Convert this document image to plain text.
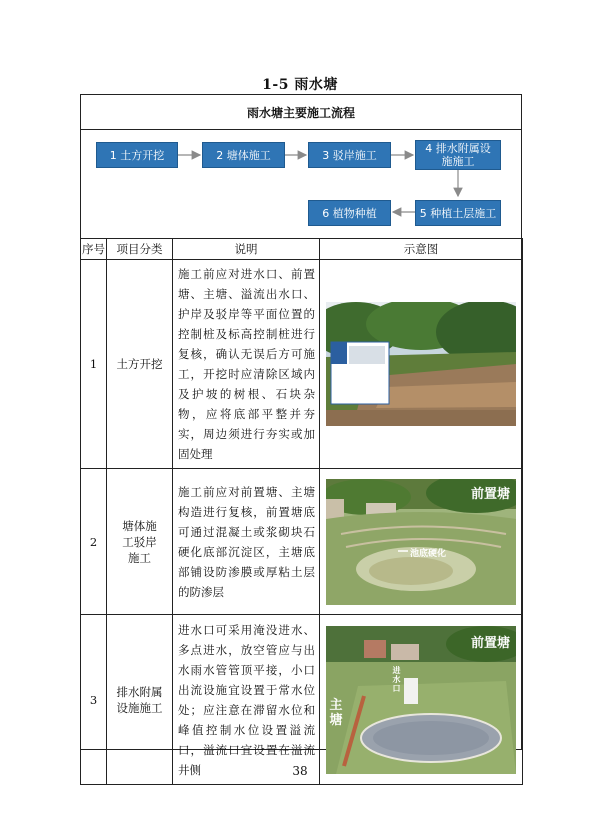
1-5 雨水塘
雨水塘主要施工流程
1 土方开挖	2 塘体施工	3 驳岸施工	4 排水附属设施施工
5 种植土层施工
6 植物种植
序号	项目分类	说明	示意图
1	土方开挖	施工前应对进水口、前置塘、主塘、溢流出水口、护岸及驳岸等平面位置的控制桩及标高控制桩进行复核，确认无误后方可施工，开挖时应清除区域内及护坡的树根、石块杂物，应将底部平整并夯实，周边须进行夯实或加固处理	2021.06.23 09:53:27

2	塘体施工驳岸施工	施工前应对前置塘、主塘构造进行复核，前置塘底可通过混凝土或浆砌块石硬化底部沉淀区，主塘底部铺设防渗膜或厚粘土层的防渗层	前置塘
池底硬化

3	排水附属设施施工	进水口可采用淹没进水、多点进水，放空管应与出水雨水管管顶平接，小口出流设施宜设置于常水位处；应注意在滞留水位和峰值控制水位设置溢流口，溢流口宜设置在溢流井侧	前置塘
主塘
进水口
38
